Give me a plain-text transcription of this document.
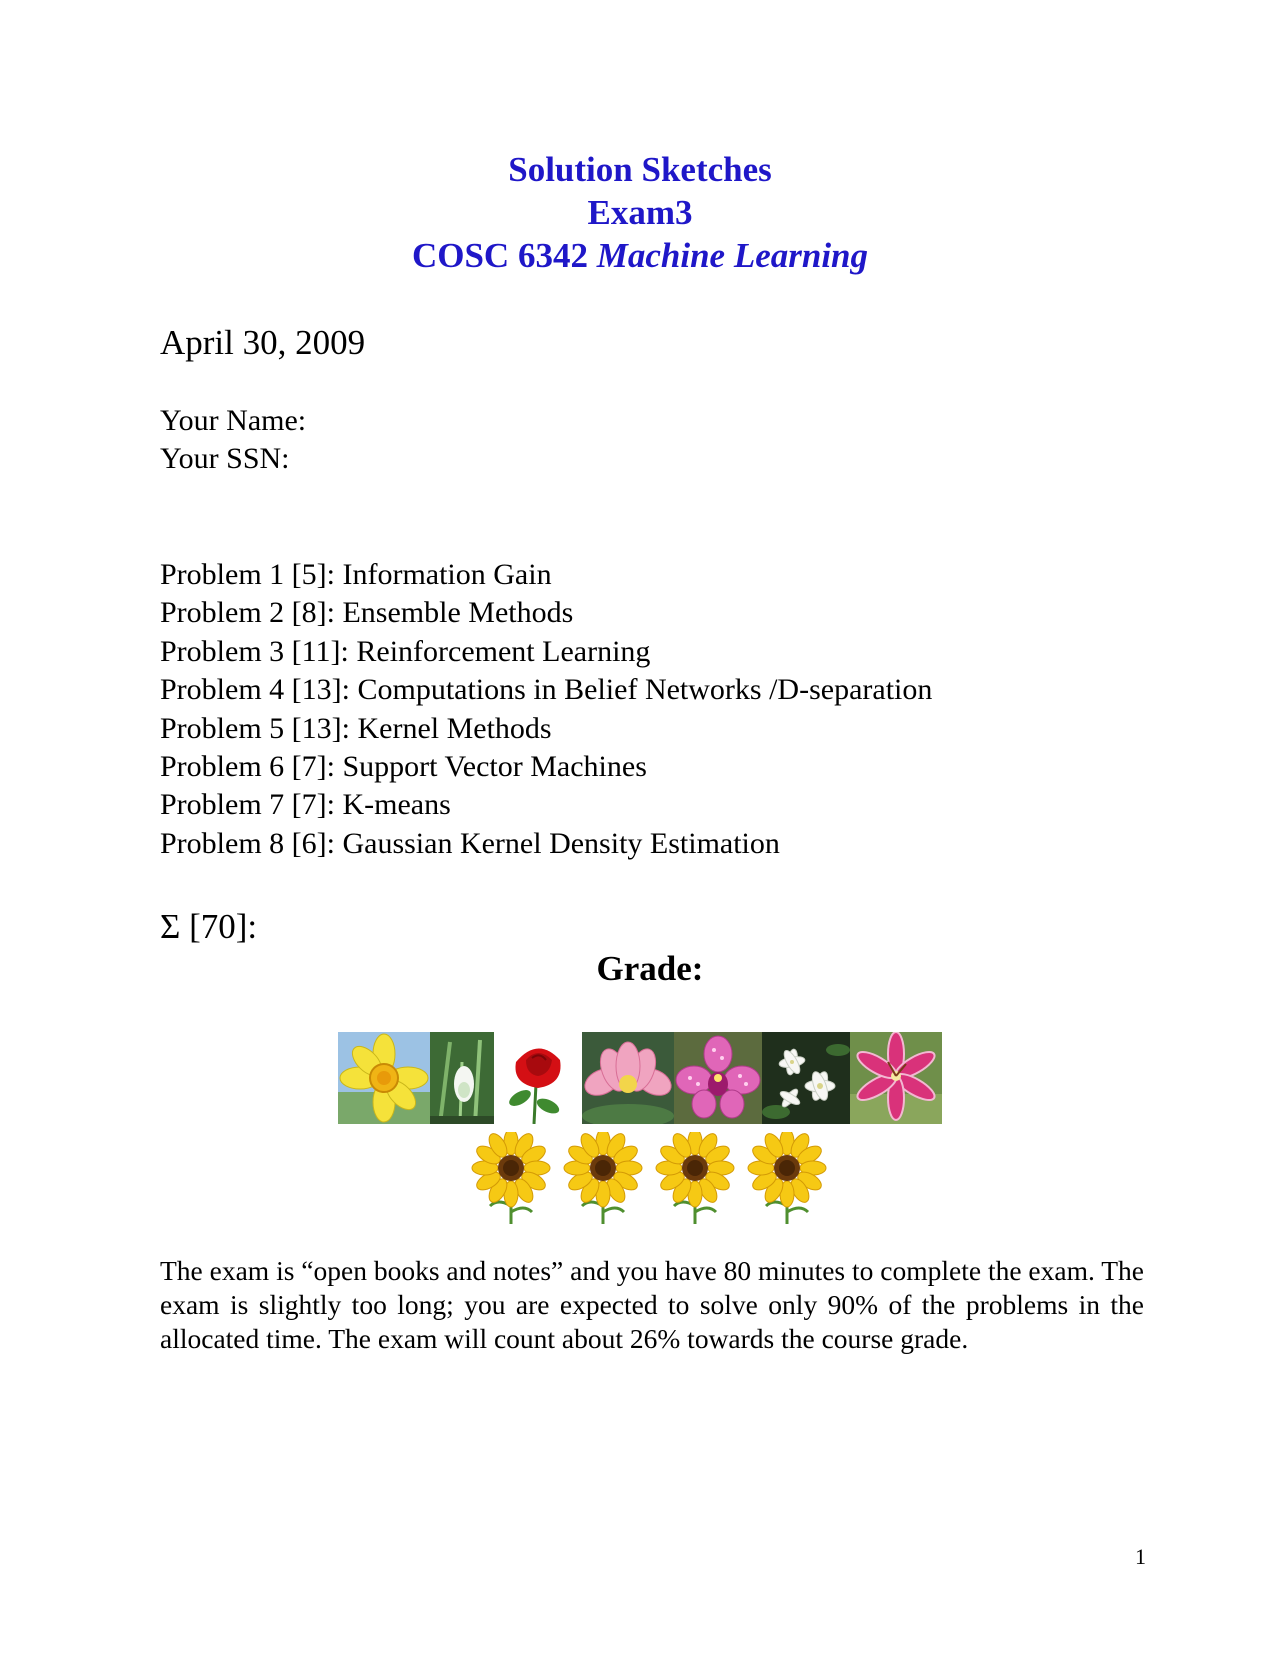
Solution Sketches
Exam3
COSC 6342 Machine Learning
April 30, 2009
Your Name:
Your SSN:
Problem 1 [5]: Information Gain
Problem 2 [8]: Ensemble Methods
Problem 3 [11]: Reinforcement Learning
Problem 4 [13]: Computations in Belief Networks /D-separation
Problem 5 [13]: Kernel Methods
Problem 6 [7]: Support Vector Machines
Problem 7 [7]: K-means
Problem 8 [6]: Gaussian Kernel Density Estimation
Σ [70]:
Grade:

The exam is “open books and notes” and you have 80 minutes to complete the exam. The exam is slightly too long; you are expected to solve only 90% of the problems in the allocated time. The exam will count about 26% towards the course grade.

1
